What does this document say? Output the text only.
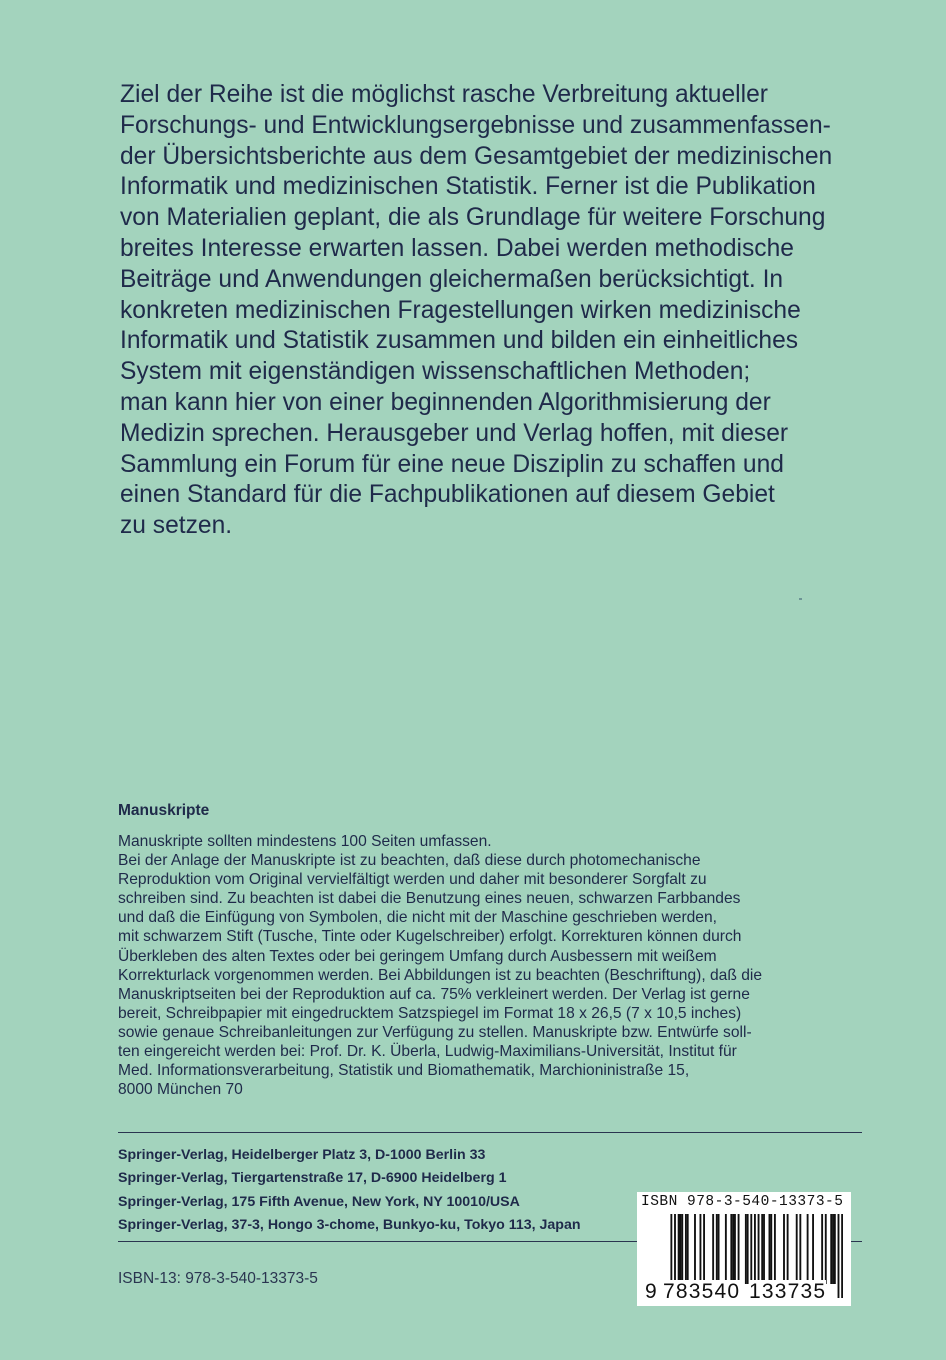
Ziel der Reihe ist die möglichst rasche Verbreitung aktueller
Forschungs- und Entwicklungsergebnisse und zusammenfassen-
der Übersichtsberichte aus dem Gesamtgebiet der medizinischen
Informatik und medizinischen Statistik. Ferner ist die Publikation
von Materialien geplant, die als Grundlage für weitere Forschung
breites Interesse erwarten lassen. Dabei werden methodische
Beiträge und Anwendungen gleichermaßen berücksichtigt. In
konkreten medizinischen Fragestellungen wirken medizinische
Informatik und Statistik zusammen und bilden ein einheitliches
System mit eigenständigen wissenschaftlichen Methoden;
man kann hier von einer beginnenden Algorithmisierung der
Medizin sprechen. Herausgeber und Verlag hoffen, mit dieser
Sammlung ein Forum für eine neue Disziplin zu schaffen und
einen Standard für die Fachpublikationen auf diesem Gebiet
zu setzen.
Manuskripte
Manuskripte sollten mindestens 100 Seiten umfassen.
Bei der Anlage der Manuskripte ist zu beachten, daß diese durch photomechanische
Reproduktion vom Original vervielfältigt werden und daher mit besonderer Sorgfalt zu
schreiben sind. Zu beachten ist dabei die Benutzung eines neuen, schwarzen Farbbandes
und daß die Einfügung von Symbolen, die nicht mit der Maschine geschrieben werden,
mit schwarzem Stift (Tusche, Tinte oder Kugelschreiber) erfolgt. Korrekturen können durch
Überkleben des alten Textes oder bei geringem Umfang durch Ausbessern mit weißem
Korrekturlack vorgenommen werden. Bei Abbildungen ist zu beachten (Beschriftung), daß die
Manuskriptseiten bei der Reproduktion auf ca. 75% verkleinert werden. Der Verlag ist gerne
bereit, Schreibpapier mit eingedrucktem Satzspiegel im Format 18 x 26,5 (7 x 10,5 inches)
sowie genaue Schreibanleitungen zur Verfügung zu stellen. Manuskripte bzw. Entwürfe soll-
ten eingereicht werden bei: Prof. Dr. K. Überla, Ludwig-Maximilians-Universität, Institut für
Med. Informationsverarbeitung, Statistik und Biomathematik, Marchioninistraße 15,
8000 München 70
Springer-Verlag, Heidelberger Platz 3, D-1000 Berlin 33
Springer-Verlag, Tiergartenstraße 17, D-6900 Heidelberg 1
Springer-Verlag, 175 Fifth Avenue, New York, NY 10010/USA
Springer-Verlag, 37-3, Hongo 3-chome, Bunkyo-ku, Tokyo 113, Japan
ISBN-13: 978-3-540-13373-5
ISBN 978-3-540-13373-5
9 783540 133735
